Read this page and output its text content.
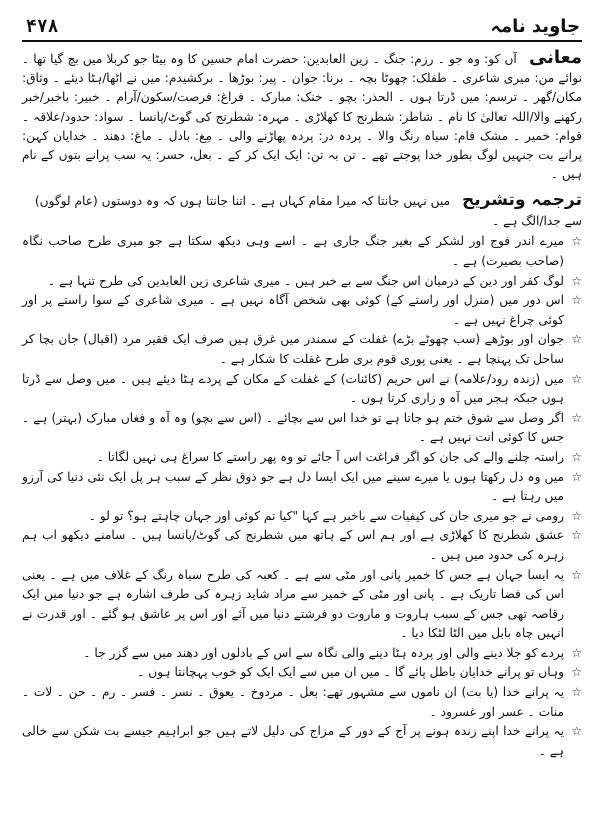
جاوید نامہ
۴۷۸
معانی آں کو: وہ جو ۔ رزم: جنگ ۔ زین العابدین: حضرت امام حسین کا وہ بیٹا جو کربلا میں بچ گیا تھا ۔ نوائے من: میری شاعری ۔ طفلک: چھوٹا بچہ ۔ برنا: جوان ۔ پیر: بوڑھا ۔ برکشیدم: میں نے اٹھا/ہٹا دیئے ۔ وثاق: مکان/گھر ۔ ترسم: میں ڈرتا ہوں ۔ الحذر: بچو ۔ خنک: مبارک ۔ فراغ: فرصت/سکون/آرام ۔ خبیر: باخبر/خبر رکھنے والا/اللہ تعالیٰ کا نام ۔ شاطر: شطرنج کا کھلاڑی ۔ مہرہ: شطرنج کی گوٹ/پانسا ۔ سواد: حدود/علاقہ ۔ قوام: خمیر ۔ مشک فام: سیاہ رنگ والا ۔ پردہ در: پردہ پھاڑنے والی ۔ مِغ: بادل ۔ ماغ: دھند ۔ خدایان کہن: پرانے بت جنہیں لوگ بطور خدا پوجتے تھے ۔ تن بہ تن: ایک ایک کر کے ۔ بعل، حسر: یہ سب پرانے بتوں کے نام ہیں ۔
ترجمہ وتشریح میں نہیں جانتا کہ میرا مقام کہاں ہے ۔ اتنا جانتا ہوں کہ وہ دوستوں (عام لوگوں) سے جدا/الگ ہے ۔
☆
میرے اندر فوج اور لشکر کے بغیر جنگ جاری ہے ۔ اسے وہی دیکھ سکتا ہے جو میری طرح صاحب نگاہ (صاحب بصیرت) ہے ۔
☆
لوگ کفر اور دین کے درمیان اس جنگ سے بے خبر ہیں ۔ میری شاعری زین العابدین کی طرح تنہا ہے ۔
☆
اس دور میں (منزل اور راستے کے) کوئی بھی شخص آگاہ نہیں ہے ۔ میری شاعری کے سوا راستے پر اور کوئی چراغ نہیں ہے ۔
☆
جوان اور بوڑھے (سب چھوٹے بڑے) غفلت کے سمندر میں غرق ہیں صرف ایک فقیر مرد (اقبال) جان بچا کر ساحل تک پہنچا ہے ۔ یعنی پوری قوم بری طرح غفلت کا شکار ہے ۔
☆
میں (زندہ رود/علامہ) نے اس حریم (کائنات) کے غفلت کے مکان کے پردے ہٹا دیئے ہیں ۔ میں وصل سے ڈرتا ہوں جبکہ ہجر میں آہ و زاری کرتا ہوں ۔
☆
اگر وصل سے شوق ختم ہو جاتا ہے تو خدا اس سے بچائے ۔ (اس سے بچو) وہ آہ و فغاں مبارک (بہتر) ہے ۔ جس کا کوئی انت نہیں ہے ۔
☆
راستہ چلنے والے کی جان کو اگر فراغت اس آ جائے تو وہ پھر راستے کا سراغ ہی نہیں لگاتا ۔
☆
میں وہ دل رکھتا ہوں یا میرے سینے میں ایک ایسا دل ہے جو ذوق نظر کے سبب ہر پل ایک نئی دنیا کی آرزو میں رہتا ہے ۔
☆
رومی نے جو میری جان کی کیفیات سے باخبر ہے کہا "کیا تم کوئی اور جہان چاہتے ہو؟ تو لو ۔
☆
عشق شطرنج کا کھلاڑی ہے اور ہم اس کے ہاتھ میں شطرنج کی گوٹ/پانسا ہیں ۔ سامنے دیکھو اب ہم زہرہ کی حدود میں ہیں ۔
☆
یہ ایسا جہان ہے جس کا خمیر پانی اور مٹی سے ہے ۔ کعبہ کی طرح سیاہ رنگ کے غلاف میں ہے ۔ یعنی اس کی فضا تاریک ہے ۔ پانی اور مٹی کے خمیر سے مراد شاید زہرہ کی طرف اشارہ ہے جو دنیا میں ایک رقاصہ تھی جس کے سبب ہاروت و ماروت دو فرشتے دنیا میں آئے اور اس پر عاشق ہو گئے ۔ اور قدرت نے انہیں چاہ بابل میں الٹا لٹکا دیا ۔
☆
پردے کو جلا دینے والی اور پردہ ہٹا دینے والی نگاہ سے اس کے بادلوں اور دھند میں سے گزر جا ۔
☆
وہاں تو پرانے خدایان باطل پائے گا ۔ میں ان میں سے ایک ایک کو خوب پہچانتا ہوں ۔
☆
یہ پرانے خدا (یا بت) ان ناموں سے مشہور تھے: بعل ۔ مردوخ ۔ یعوق ۔ نسر ۔ فسر ۔ رم ۔ حن ۔ لات ۔ منات ۔ عسر اور غسرود ۔
☆
یہ پرانے خدا اپنے زندہ ہونے پر آج کے دور کے مزاج کی دلیل لاتے ہیں جو ابراہیم جیسے بت شکن سے خالی ہے ۔
